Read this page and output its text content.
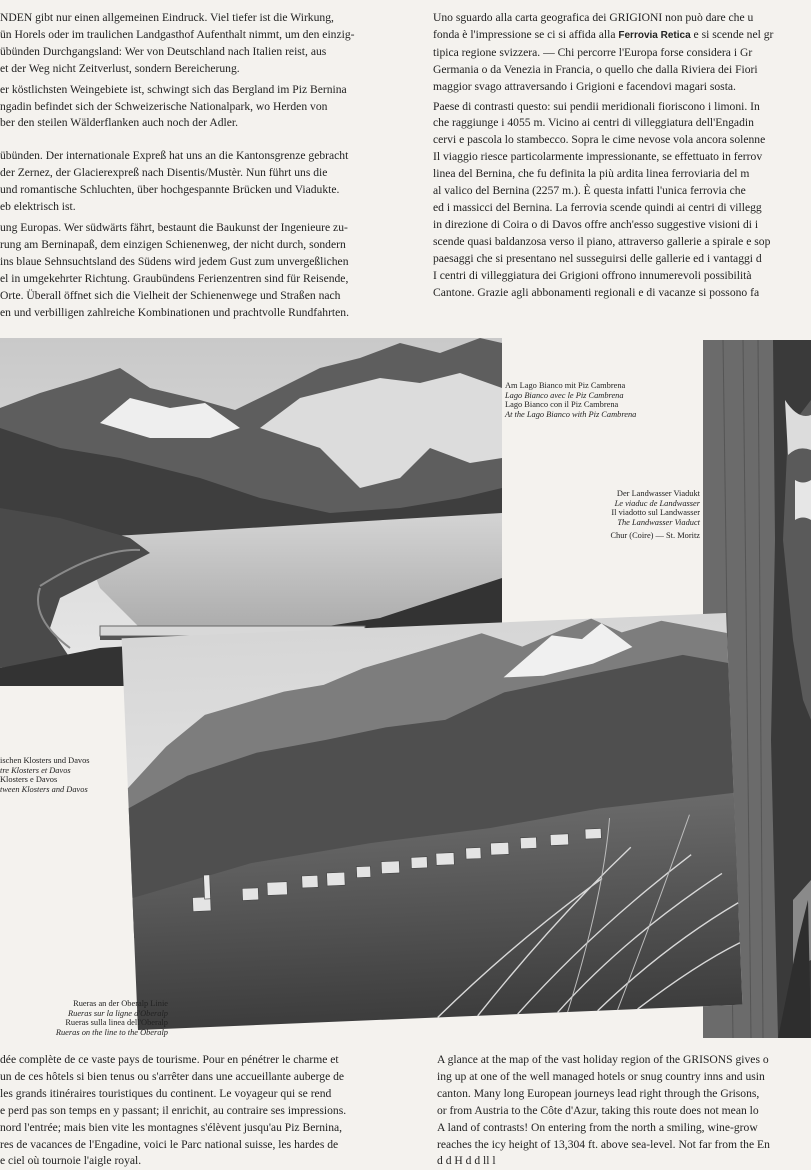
NDEN gibt nur einen allgemeinen Eindruck. Viel tiefer ist die Wirkung,
ün Horels oder im traulichen Landgasthof Aufenthalt nimmt, um den einzig-
übünden Durchgangsland: Wer von Deutschland nach Italien reist, aus
et der Weg nicht Zeitverlust, sondern Bereicherung.
er köstlichsten Weingebiete ist, schwingt sich das Bergland im Piz Bernina
ngadin befindet sich der Schweizerische Nationalpark, wo Herden von
ber den steilen Wälderflanken auch noch der Adler.
übünden. Der internationale Expreß hat uns an die Kantonsgrenze gebracht
der Zernez, der Glacierexpreß nach Disentis/Mustèr. Nun führt uns die
und romantische Schluchten, über hochgespannte Brücken und Viadukte.
eb elektrisch ist.
ung Europas. Wer südwärts fährt, bestaunt die Baukunst der Ingenieure zu-
rung am Berninapaß, dem einzigen Schienenweg, der nicht durch, sondern
ins blaue Sehnsuchtsland des Südens wird jedem Gust zum unvergeßlichen
el in umgekehrter Richtung. Graubündens Ferienzentren sind für Reisende,
Orte. Überall öffnet sich die Vielheit der Schienenwege und Straßen nach
en und verbilligen zahlreiche Kombinationen und prachtvolle Rundfahrten.
Uno sguardo alla carta geografica dei GRIGIONI non può dare che u
fonda è l'impressione se ci si affida alla Ferrovia Retica e si scende nel gr
tipica regione svizzera. — Chi percorre l'Europa forse considera i Gr
Germania o da Venezia in Francia, o quello che dalla Riviera dei Fiori
maggior svago attraversando i Grigioni e facendovi magari sosta.
Paese di contrasti questo: sui pendii meridionali fioriscono i limoni. In
che raggiunge i 4055 m. Vicino ai centri di villeggiatura dell'Engadin
cervi e pascola lo stambecco. Sopra le cime nevose vola ancora solenne
Il viaggio riesce particolarmente impressionante, se effettuato in ferrov
linea del Bernina, che fu definita la più ardita linea ferroviaria del m
al valico del Bernina (2257 m.). È questa infatti l'unica ferrovia che
ed i massicci del Bernina. La ferrovia scende quindi ai centri di villegg
in direzione di Coira o di Davos offre anch'esso suggestive visioni di i
scende quasi baldanzosa verso il piano, attraverso gallerie a spirale e sop
paesaggi che si presentano nel susseguirsi delle gallerie ed i vantaggi d
I centri di villeggiatura dei Grigioni offrono innumerevoli possibilità
Cantone. Grazie agli abbonamenti regionali e di vacanze si possono fa
Am Lago Bianco mit Piz Cambrena
Lago Bianco avec le Piz Cambrena
Lago Bianco con il Piz Cambrena
At the Lago Bianco with Piz Cambrena
Der Landwasser Viadukt
Le viaduc de Landwasser
Il viadotto sul Landwasser
The Landwasser Viaduct
Chur (Coire) — St. Moritz
ischen Klosters und Davos
tre Klosters et Davos
Klosters e Davos
tween Klosters and Davos
Rueras an der Oberalp Linie
Rueras sur la ligne d'Oberalp
Rueras sulla linea dell'Oberalp
Rueras on the line to the Oberalp
dée complète de ce vaste pays de tourisme. Pour en pénétrer le charme et
un de ces hôtels si bien tenus ou s'arrêter dans une accueillante auberge de
les grands itinéraires touristiques du continent. Le voyageur qui se rend
e perd pas son temps en y passant; il enrichit, au contraire ses impressions.
nord l'entrée; mais bien vite les montagnes s'élèvent jusqu'au Piz Bernina,
res de vacances de l'Engadine, voici le Parc national suisse, les hardes de
e ciel où tournoie l'aigle royal.
A glance at the map of the vast holiday region of the GRISONS gives o
ing up at one of the well managed hotels or snug country inns and usin
canton. Many long European journeys lead right through the Grisons,
or from Austria to the Côte d'Azur, taking this route does not mean lo
A land of contrasts! On entering from the north a smiling, wine-grow
reaches the icy height of 13,304 ft. above sea-level. Not far from the En
d d H d d ll l
